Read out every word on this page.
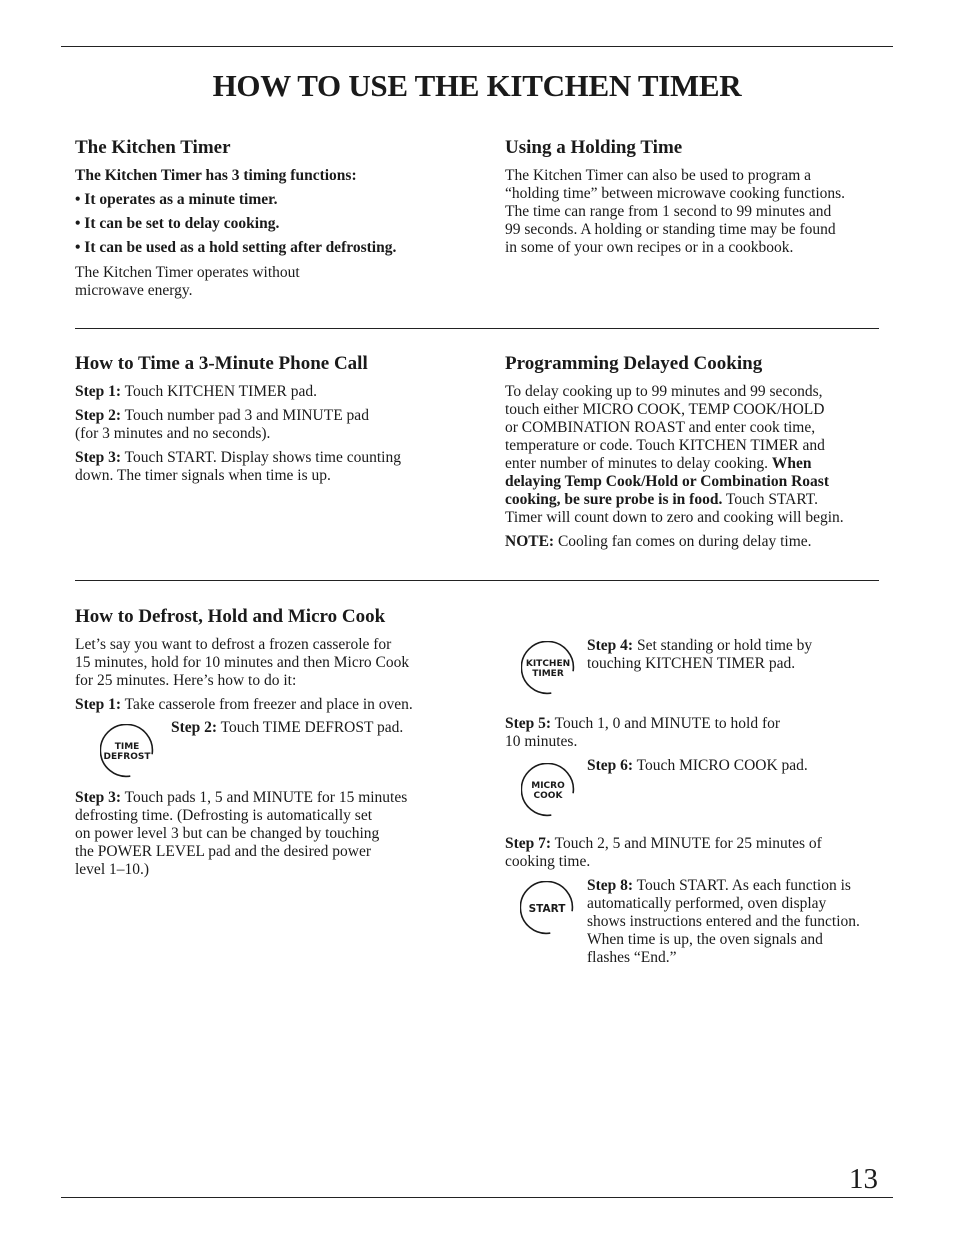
HOW TO USE THE KITCHEN TIMER
The Kitchen Timer

The Kitchen Timer has 3 timing functions:

• It operates as a minute timer.

• It can be set to delay cooking.

• It can be used as a hold setting after defrosting.

The Kitchen Timer operates without

microwave energy.

Using a Holding Time

The Kitchen Timer can also be used to program a

“holding time” between microwave cooking functions.

The time can range from 1 second to 99 minutes and

99 seconds. A holding or standing time may be found

in some of your own recipes or in a cookbook.

How to Time a 3-Minute Phone Call

Step 1: Touch KITCHEN TIMER pad.

Step 2: Touch number pad 3 and MINUTE pad

(for 3 minutes and no seconds).

Step 3: Touch START. Display shows time counting

down. The timer signals when time is up.

Programming Delayed Cooking

To delay cooking up to 99 minutes and 99 seconds,

touch either MICRO COOK, TEMP COOK/HOLD

or COMBINATION ROAST and enter cook time,

temperature or code. Touch KITCHEN TIMER and

enter number of minutes to delay cooking. When

delaying Temp Cook/Hold or Combination Roast

cooking, be sure probe is in food. Touch START.

Timer will count down to zero and cooking will begin.

NOTE: Cooling fan comes on during delay time.

How to Defrost, Hold and Micro Cook

Let’s say you want to defrost a frozen casserole for

15 minutes, hold for 10 minutes and then Micro Cook

for 25 minutes. Here’s how to do it:

Step 1: Take casserole from freezer and place in oven.

Step 2: Touch TIME DEFROST pad.

Step 3: Touch pads 1, 5 and MINUTE for 15 minutes

defrosting time. (Defrosting is automatically set

on power level 3 but can be changed by touching

the POWER LEVEL pad and the desired power

level 1–10.)

Step 4: Set standing or hold time by

touching KITCHEN TIMER pad.

Step 5: Touch 1, 0 and MINUTE to hold for

10 minutes.

Step 6: Touch MICRO COOK pad.

Step 7: Touch 2, 5 and MINUTE for 25 minutes of

cooking time.

Step 8: Touch START. As each function is

automatically performed, oven display

shows instructions entered and the function.

When time is up, the oven signals and

flashes “End.”

TIME
DEFROST
KITCHEN
TIMER
MICRO
COOK
START
13
